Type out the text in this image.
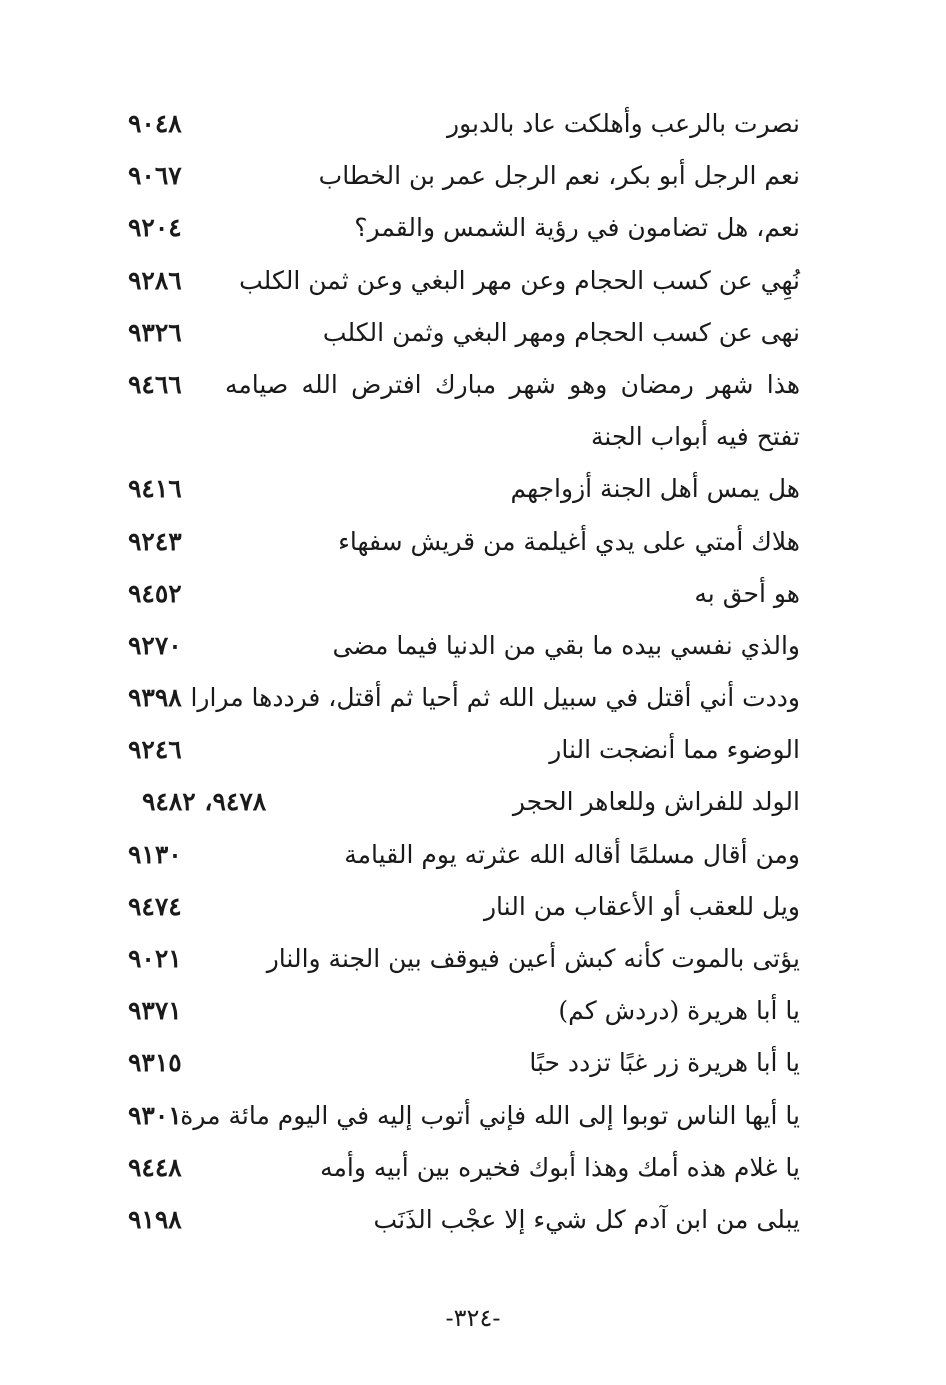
نصرت بالرعب وأهلكت عاد بالدبور
٩٠٤٨
نعم الرجل أبو بكر، نعم الرجل عمر بن الخطاب
٩٠٦٧
نعم، هل تضامون في رؤية الشمس والقمر؟
٩٢٠٤
نُهِي عن كسب الحجام وعن مهر البغي وعن ثمن الكلب
٩٢٨٦
نهى عن كسب الحجام ومهر البغي وثمن الكلب
٩٣٢٦
هذا شهر رمضان وهو شهر مبارك افترض الله صيامه تفتح فيه أبواب الجنة
٩٤٦٦
هل يمس أهل الجنة أزواجهم
٩٤١٦
هلاك أمتي على يدي أغيلمة من قريش سفهاء
٩٢٤٣
هو أحق به
٩٤٥٢
والذي نفسي بيده ما بقي من الدنيا فيما مضى
٩٢٧٠
وددت أني أقتل في سبيل الله ثم أحيا ثم أقتل، فرددها مرارا
٩٣٩٨
الوضوء مما أنضجت النار
٩٢٤٦
الولد للفراش وللعاهر الحجر
٩٤٧٨، ٩٤٨٢
ومن أقال مسلمًا أقاله الله عثرته يوم القيامة
٩١٣٠
ويل للعقب أو الأعقاب من النار
٩٤٧٤
يؤتى بالموت كأنه كبش أعين فيوقف بين الجنة والنار
٩٠٢١
يا أبا هريرة (دردش كم)
٩٣٧١
يا أبا هريرة زر غبًا تزدد حبًا
٩٣١٥
يا أيها الناس توبوا إلى الله فإني أتوب إليه في اليوم مائة مرة
٩٣٠١
يا غلام هذه أمك وهذا أبوك فخيره بين أبيه وأمه
٩٤٤٨
يبلى من ابن آدم كل شيء إلا عجْب الذَنَب
٩١٩٨
-٣٢٤-
